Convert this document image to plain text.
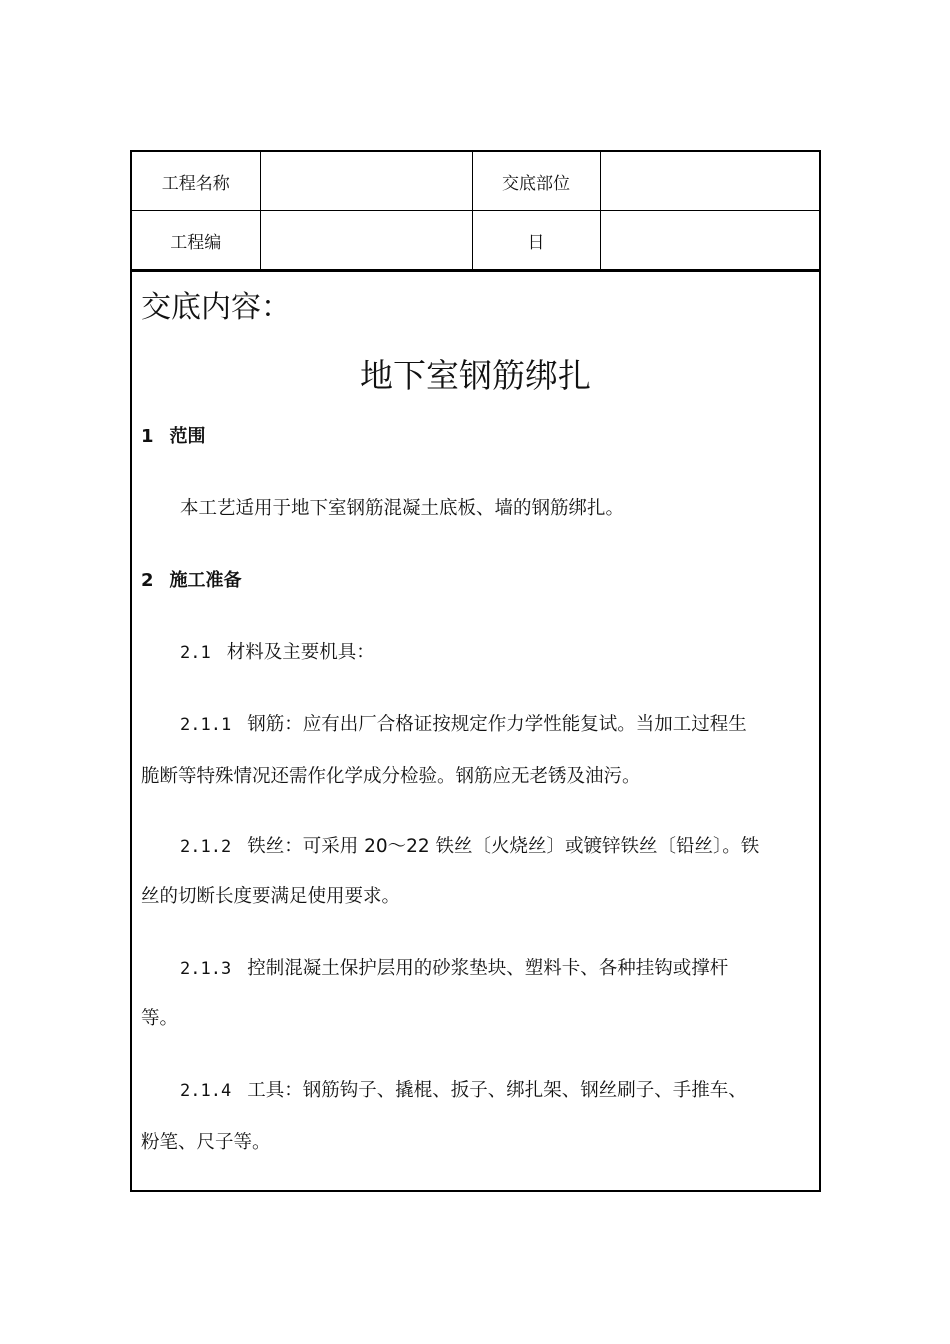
工程名称		交底部位	
工程编		日	
交底内容：
地下室钢筋绑扎
1 范围
本工艺适用于地下室钢筋混凝土底板、墙的钢筋绑扎。
2 施工准备
2.1 材料及主要机具：
2.1.1 钢筋：应有出厂合格证按规定作力学性能复试。当加工过程生
脆断等特殊情况还需作化学成分检验。钢筋应无老锈及油污。
2.1.2 铁丝：可采用 20～22 铁丝〔火烧丝〕或镀锌铁丝〔铅丝〕。铁
丝的切断长度要满足使用要求。
2.1.3 控制混凝土保护层用的砂浆垫块、塑料卡、各种挂钩或撑杆
等。
2.1.4 工具：钢筋钩子、撬棍、扳子、绑扎架、钢丝刷子、手推车、
粉笔、尺子等。
